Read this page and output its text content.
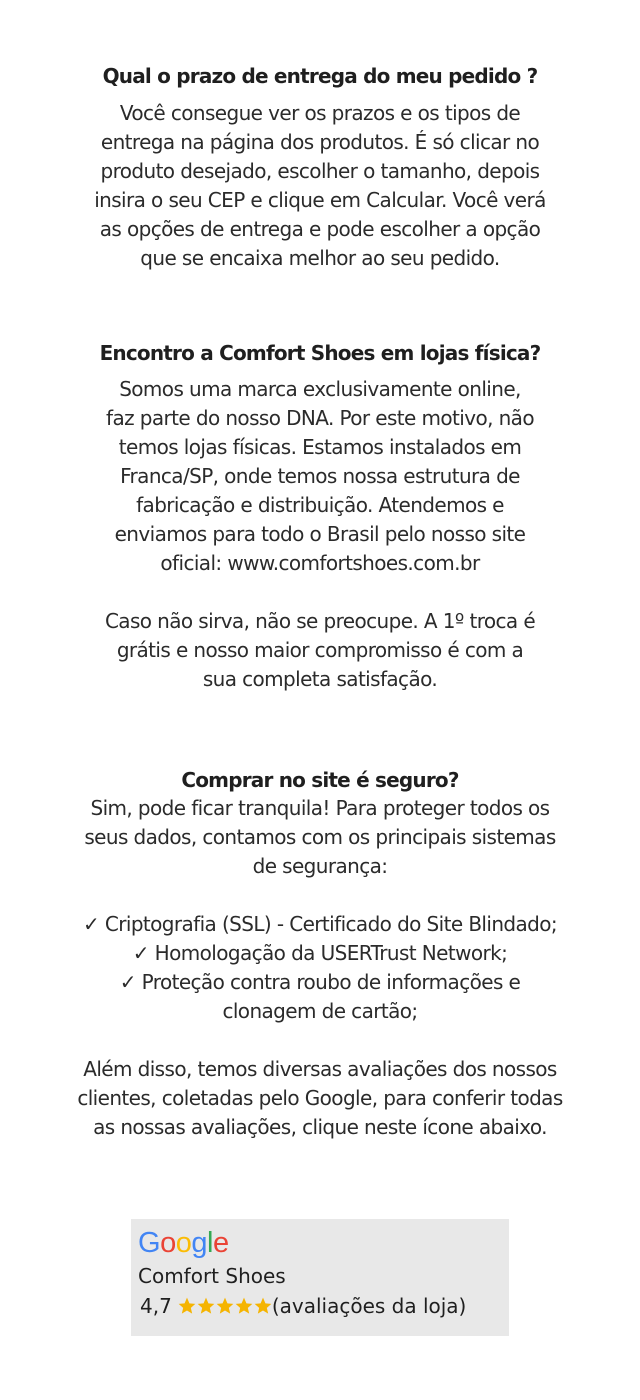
Qual o prazo de entrega do meu pedido ?

Você consegue ver os prazos e os tipos de
entrega na página dos produtos. É só clicar no
produto desejado, escolher o tamanho, depois
insira o seu CEP e clique em Calcular. Você verá
as opções de entrega e pode escolher a opção
que se encaixa melhor ao seu pedido.

Encontro a Comfort Shoes em lojas física?

Somos uma marca exclusivamente online,
faz parte do nosso DNA. Por este motivo, não
temos lojas físicas. Estamos instalados em
Franca/SP, onde temos nossa estrutura de
fabricação e distribuição. Atendemos e
enviamos para todo o Brasil pelo nosso site
oficial: www.comfortshoes.com.br

Caso não sirva, não se preocupe. A 1º troca é
grátis e nosso maior compromisso é com a
sua completa satisfação.

Comprar no site é seguro?

Sim, pode ficar tranquila! Para proteger todos os
seus dados, contamos com os principais sistemas
de segurança:

✓ Criptografia (SSL) - Certificado do Site Blindado;
✓ Homologação da USERTrust Network;
✓ Proteção contra roubo de informações e
clonagem de cartão;

Além disso, temos diversas avaliações dos nossos
clientes, coletadas pelo Google, para conferir todas
as nossas avaliações, clique neste ícone abaixo.

Google
Comfort Shoes
4,7	(avaliações da loja)
